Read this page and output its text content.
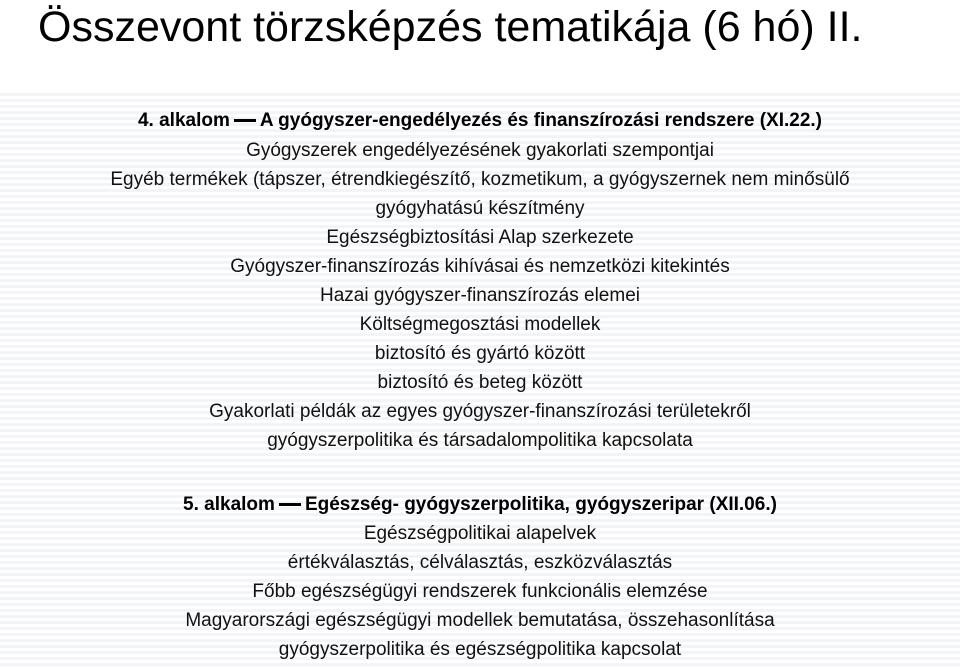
Összevont törzsképzés tematikája (6 hó) II.
4. alkalom A gyógyszer-engedélyezés és finanszírozási rendszere (XI.22.)
Gyógyszerek engedélyezésének gyakorlati szempontjai
Egyéb termékek (tápszer, étrendkiegészítő, kozmetikum, a gyógyszernek nem minősülő
gyógyhatású készítmény
Egészségbiztosítási Alap szerkezete
Gyógyszer-finanszírozás kihívásai és nemzetközi kitekintés
Hazai gyógyszer-finanszírozás elemei
Költségmegosztási modellek
biztosító és gyártó között
biztosító és beteg között
Gyakorlati példák az egyes gyógyszer-finanszírozási területekről
gyógyszerpolitika és társadalompolitika kapcsolata
5. alkalom Egészség- gyógyszerpolitika, gyógyszeripar (XII.06.)
Egészségpolitikai alapelvek
értékválasztás, célválasztás, eszközválasztás
Főbb egészségügyi rendszerek funkcionális elemzése
Magyarországi egészségügyi modellek bemutatása, összehasonlítása
gyógyszerpolitika és egészségpolitika kapcsolat
